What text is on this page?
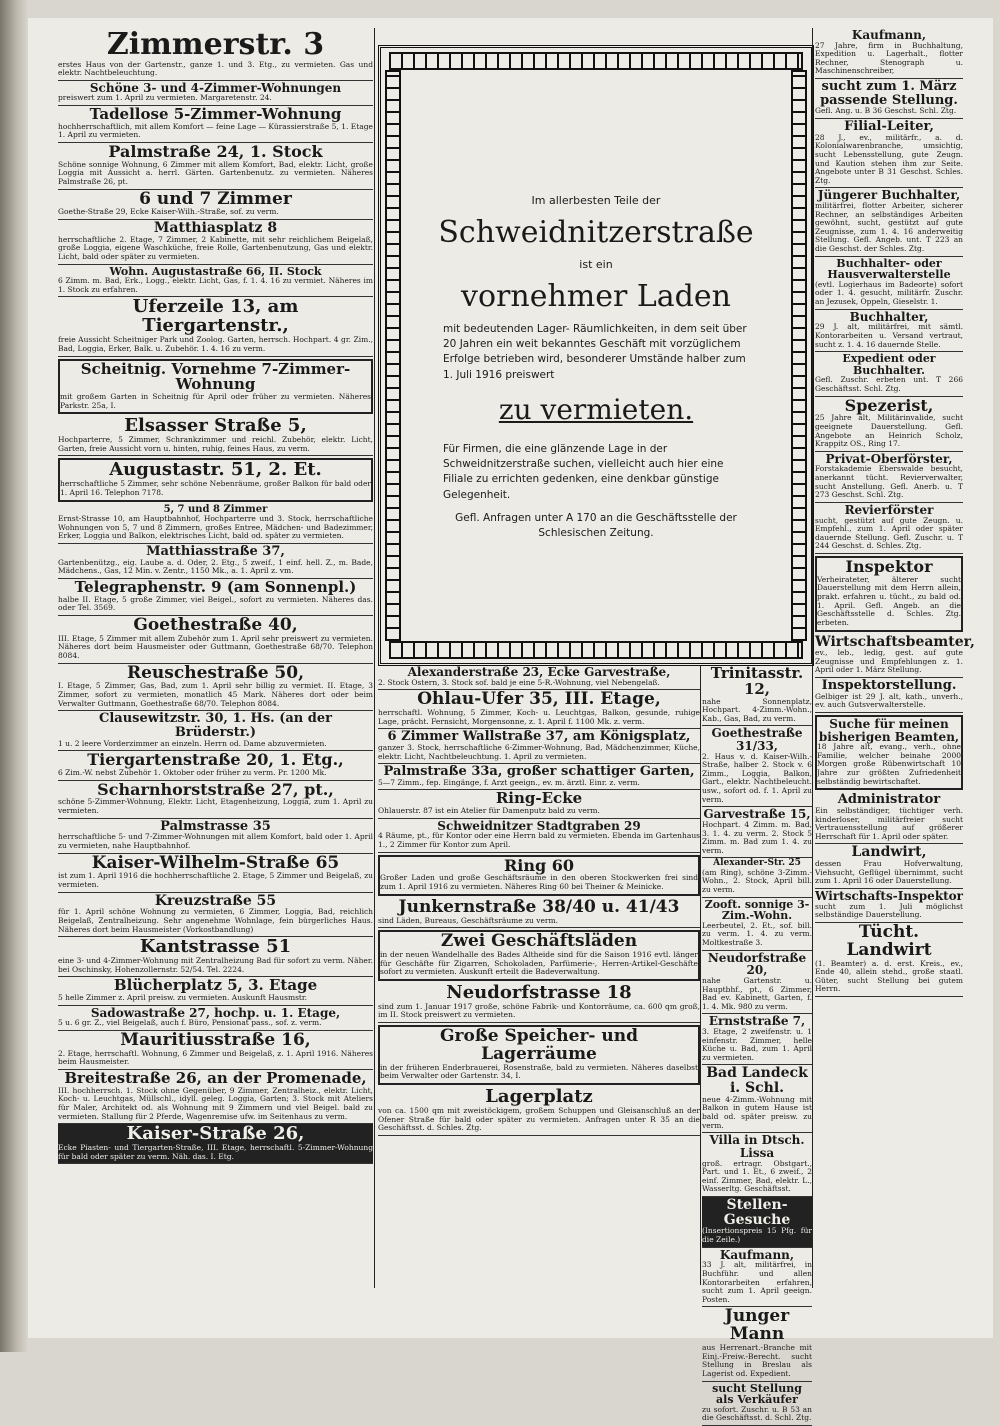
Zimmerstr. 3
erstes Haus von der Gartenstr., ganze 1. und 3. Etg., zu vermieten. Gas und elektr. Nachtbeleuchtung.
Schöne 3- und 4-Zimmer-Wohnungen
preiswert zum 1. April zu vermieten. Margaretenstr. 24.
Tadellose 5-Zimmer-Wohnung
hochherrschaftlich, mit allem Komfort — feine Lage — Kürassierstraße 5, 1. Etage 1. April zu vermieten.
Palmstraße 24, 1. Stock
Schöne sonnige Wohnung, 6 Zimmer mit allem Komfort, Bad, elektr. Licht, große Loggia mit Aussicht a. herrl. Gärten. Gartenbenutz. zu vermieten. Näheres Palmstraße 26, pt.
6 und 7 Zimmer
Goethe-Straße 29, Ecke Kaiser-Wilh.-Straße, sof. zu verm.
Matthiasplatz 8
herrschaftliche 2. Etage, 7 Zimmer, 2 Kabinette, mit sehr reichlichem Beigelaß, große Loggia, eigene Waschküche, freie Rolle, Gartenbenutzung, Gas und elektr. Licht, bald oder später zu vermieten.
Wohn. Augustastraße 66, II. Stock
6 Zimm. m. Bad, Erk., Logg., elektr. Licht, Gas, f. 1. 4. 16 zu vermiet. Näheres im 1. Stock zu erfahren.
Uferzeile 13, am Tiergartenstr.,
freie Aussicht Scheitniger Park und Zoolog. Garten, herrsch. Hochpart. 4 gr. Zim., Bad, Loggia, Erker, Balk. u. Zubehör. 1. 4. 16 zu verm.
Scheitnig. Vornehme 7-Zimmer-Wohnung
mit großem Garten in Scheitnig für April oder früher zu vermieten. Näheres Parkstr. 25a, I.
Elsasser Straße 5,
Hochparterre, 5 Zimmer, Schrankzimmer und reichl. Zubehör, elektr. Licht, Garten, freie Aussicht vorn u. hinten, ruhig, feines Haus, zu verm.
Augustastr. 51, 2. Et.
herrschaftliche 5 Zimmer, sehr schöne Nebenräume, großer Balkon für bald oder 1. April 16. Telephon 7178.
5, 7 und 8 Zimmer
Ernst-Strasse 10, am Hauptbahnhof, Hochparterre und 3. Stock, herrschaftliche Wohnungen von 5, 7 und 8 Zimmern, großes Entree, Mädchen- und Badezimmer, Erker, Loggia und Balkon, elektrisches Licht, bald od. später zu vermieten.
Matthiasstraße 37,
Gartenbenützg., eig. Laube a. d. Oder, 2. Etg., 5 zweif., 1 einf. hell. Z., m. Bade, Mädchens., Gas, 12 Min. v. Zentr., 1150 Mk., a. 1. April z. vm.
Telegraphenstr. 9 (am Sonnenpl.)
halbe II. Etage, 5 große Zimmer, viel Beigel., sofort zu vermieten. Näheres das. oder Tel. 3569.
Goethestraße 40,
III. Etage, 5 Zimmer mit allem Zubehör zum 1. April sehr preiswert zu vermieten. Näheres dort beim Hausmeister oder Guttmann, Goethestraße 68/70. Telephon 8084.
Reuschestraße 50,
I. Etage, 5 Zimmer, Gas, Bad, zum 1. April sehr billig zu vermiet. II. Etage, 3 Zimmer, sofort zu vermieten, monatlich 45 Mark. Näheres dort oder beim Verwalter Guttmann, Goethestraße 68/70. Telephon 8084.
Clausewitzstr. 30, 1. Hs. (an der Brüderstr.)
1 u. 2 leere Vorderzimmer an einzeln. Herrn od. Dame abzuvermieten.
Tiergartenstraße 20, 1. Etg.,
6 Zim.-W. nebst Zubehör 1. Oktober oder früher zu verm. Pr. 1200 Mk.
Scharnhorststraße 27, pt.,
schöne 5-Zimmer-Wohnung, Elektr. Licht, Etagenheizung, Loggia, zum 1. April zu vermieten.
Palmstrasse 35
herrschaftliche 5- und 7-Zimmer-Wohnungen mit allem Komfort, bald oder 1. April zu vermieten, nahe Hauptbahnhof.
Kaiser-Wilhelm-Straße 65
ist zum 1. April 1916 die hochherrschaftliche 2. Etage, 5 Zimmer und Beigelaß, zu vermieten.
Kreuzstraße 55
für 1. April schöne Wohnung zu vermieten, 6 Zimmer, Loggia, Bad, reichlich Beigelaß, Zentralheizung. Sehr angenehme Wohnlage, fein bürgerliches Haus. Näheres dort beim Hausmeister (Vorkostbandlung)
Kantstrasse 51
eine 3- und 4-Zimmer-Wohnung mit Zentralheizung Bad für sofort zu verm. Näher. bei Oschinsky, Hohenzollernstr. 52/54. Tel. 2224.
Blücherplatz 5, 3. Etage
5 helle Zimmer z. April preisw. zu vermieten. Auskunft Hausmstr.
Sadowastraße 27, hochp. u. 1. Etage,
5 u. 6 gr. Z., viel Beigelaß, auch f. Büro, Pensionat pass., sof. z. verm.
Mauritiusstraße 16,
2. Etage, herrschaftl. Wohnung, 6 Zimmer und Beigelaß, z. 1. April 1916. Näheres beim Hausmeister.
Breitestraße 26, an der Promenade,
III. hochherrsch. 1. Stock ohne Gegenüber, 9 Zimmer, Zentralheiz., elektr. Licht, Koch- u. Leuchtgas, Müllschl., idyll. geleg. Loggia, Garten; 3. Stock mit Ateliers für Maler, Architekt od. als Wohnung mit 9 Zimmern und viel Beigel. bald zu vermieten. Stallung für 2 Pferde, Wagenremise ufw. im Seitenhaus zu verm.
Kaiser-Straße 26,
Ecke Piasten- und Tiergarten-Straße, III. Etage, herrschaftl. 5-Zimmer-Wohnung für bald oder später zu verm. Näh. das. I. Etg.
Im allerbesten Teile der
Schweidnitzerstraße
ist ein
vornehmer Laden
mit bedeutenden Lager- Räumlichkeiten, in dem seit über 20 Jahren ein weit bekanntes Geschäft mit vorzüglichem Erfolge betrieben wird, besonderer Umstände halber zum 1. Juli 1916 preiswert
zu vermieten.
Für Firmen, die eine glänzende Lage in der Schweidnitzerstraße suchen, vielleicht auch hier eine Filiale zu errichten gedenken, eine denkbar günstige Gelegenheit.
Gefl. Anfragen unter A 170 an die Geschäftsstelle der Schlesischen Zeitung.
Alexanderstraße 23, Ecke Garvestraße,
2. Stock Ostern, 3. Stock sof. bald je eine 5-R.-Wohnung, viel Nebengelaß.
Ohlau-Ufer 35, III. Etage,
herrschaftl. Wohnung, 5 Zimmer, Koch- u. Leuchtgas, Balkon, gesunde, ruhige Lage, prächt. Fernsicht, Morgensonne, z. 1. April f. 1100 Mk. z. verm.
6 Zimmer Wallstraße 37, am Königsplatz,
ganzer 3. Stock, herrschaftliche 6-Zimmer-Wohnung, Bad, Mädchenzimmer, Küche, elektr. Licht, Nachtbeleuchtung. 1. April zu vermieten.
Palmstraße 33a, großer schattiger Garten,
5—7 Zimm., fep. Eingänge, f. Arzt geeign., ev. m. ärztl. Einr. z. verm.
Ring-Ecke
Ohlauerstr. 87 ist ein Atelier für Damenputz bald zu verm.
Schweidnitzer Stadtgraben 29
4 Räume, pt., für Kontor oder eine Herrn bald zu vermieten. Ebenda im Gartenhaus 1., 2 Zimmer für Kontor zum April.
Ring 60
Großer Laden und große Geschäftsräume in den oberen Stockwerken frei sind zum 1. April 1916 zu vermieten. Näheres Ring 60 bei Theiner & Meinicke.
Junkernstraße 38/40 u. 41/43
sind Läden, Bureaus, Geschäftsräume zu verm.
Zwei Geschäftsläden
in der neuen Wandelhalle des Bades Altheide sind für die Saison 1916 evtl. länger für Geschäfte für Zigarren, Schokoladen, Parfümerie-, Herren-Artikel-Geschäfte sofort zu vermieten. Auskunft erteilt die Badeverwaltung.
Neudorfstrasse 18
sind zum 1. Januar 1917 große, schöne Fabrik- und Kontorräume, ca. 600 qm groß, im II. Stock preiswert zu vermieten.
Große Speicher- und Lagerräume
in der früheren Enderbrauerei, Rosenstraße, bald zu vermieten. Näheres daselbst beim Verwalter oder Gartenstr. 34, I.
Lagerplatz
von ca. 1500 qm mit zweistöckigem, großem Schuppen und Gleisanschluß an der Ofener Straße für bald oder später zu vermieten. Anfragen unter R 35 an die Geschäftsst. d. Schles. Ztg.
Trinitasstr. 12,
nahe Sonnenplatz, Hochpart. 4-Zimm.-Wohn., Kab., Gas, Bad, zu verm.
Goethestraße 31/33,
2. Haus v. d. Kaiser-Wilh.-Straße, halber 2. Stock v. 6 Zimm., Loggia, Balkon, Gart., elektr. Nachtbeleucht. usw., sofort od. f. 1. April zu verm.
Garvestraße 15,
Hochpart. 4 Zimm. m. Bad, 3. 1. 4. zu verm. 2. Stock 5 Zimm. m. Bad zum 1. 4. zu verm.
Alexander-Str. 25
(am Ring), schöne 3-Zimm.-Wohn., 2. Stock, April bill. zu verm.
Zooft. sonnige 3-Zim.-Wohn.
Leerbeutel, 2. Et., sof. bill. zu verm. 1. 4. zu verm. Moltkestraße 3.
Neudorfstraße 20,
nahe Gartenstr. u. Hauptbhf., pt., 6 Zimmer, Bad ev. Kabinett, Garten, f. 1. 4. Mk. 980 zu verm.
Ernststraße 7,
3. Etage, 2 zweifenstr. u. 1 einfenstr. Zimmer, helle Küche u. Bad, zum 1. April zu vermieten.
Bad Landeck i. Schl.
neue 4-Zimm.-Wohnung mit Balkon in gutem Hause ist bald od. später preisw. zu verm.
Villa in Dtsch. Lissa
groß. ertragr. Obstgart., Part. und 1. Et., 6 zweif., 2 einf. Zimmer, Bad, elektr. L., Wasserltg. Geschäftsst.
Stellen-Gesuche
(Insertionspreis 15 Pfg. für die Zeile.)
Kaufmann,
33 J. alt, militärfrei, in Buchführ. und allen Kontorarbeiten erfahren, sucht zum 1. April geeign. Posten.
Junger Mann
aus Herrenart.-Branche mit Einj.-Freiw.-Berecht. sucht Stellung in Breslau als Lagerist od. Expedient.
sucht Stellung als Verkäufer
zu sofort. Zuschr. u. B 53 an die Geschäftsst. d. Schl. Ztg.
Kaufmann,
27 Jahre, firm in Buchhaltung, Expedition u. Lagerhalt., flotter Rechner, Stenograph u. Maschinenschreiber,
sucht zum 1. März passende Stellung.
Gefl. Ang. u. B 36 Geschst. Schl. Ztg.
Filial-Leiter,
28 J., ev., militärfr., a. d. Kolonialwarenbranche, umsichtig, sucht Lebensstellung, gute Zeugn. und Kaution stehen ihm zur Seite. Angebote unter B 31 Geschst. Schles. Ztg.
Jüngerer Buchhalter,
militärfrei, flotter Arbeiter, sicherer Rechner, an selbständiges Arbeiten gewöhnt, sucht, gestützt auf gute Zeugnisse, zum 1. 4. 16 anderweitig Stellung. Gefl. Angeb. unt. T 223 an die Geschst. der Schles. Ztg.
Buchhalter- oder Hausverwalterstelle
(evtl. Logierhaus im Badeorte) sofort oder 1. 4. gesucht, militärfr. Zuschr. an Jezusek, Oppeln, Gieselstr. 1.
Buchhalter,
29 J. alt, militärfrei, mit sämtl. Kontorarbeiten u. Versand vertraut, sucht z. 1. 4. 16 dauernde Stelle.
Expedient oder Buchhalter.
Gefl. Zuschr. erbeten unt. T 266 Geschäftsst. Schl. Ztg.
Spezerist,
25 Jahre alt, Militärinvalide, sucht geeignete Dauerstellung. Gefl. Angebote an Heinrich Scholz, Krappitz OS., Ring 17.
Privat-Oberförster,
Forstakademie Eberswalde besucht, anerkannt tücht. Revierverwalter, sucht Anstellung. Gefl. Anerb. u. T 273 Geschst. Schl. Ztg.
Revierförster
sucht, gestützt auf gute Zeugn. u. Empfehl., zum 1. April oder später dauernde Stellung. Gefl. Zuschr. u. T 244 Geschst. d. Schles. Ztg.
Inspektor
Verheirateter, älterer sucht Dauerstellung mit dem Herrn allein, prakt. erfahren u. tücht., zu bald od. 1. April. Gefl. Angeb. an die Geschäftsstelle d. Schles. Ztg. erbeten.
Wirtschaftsbeamter,
ev., leb., ledig, gest. auf gute Zeugnisse und Empfehlungen z. 1. April oder 1. März Stellung.
Inspektorstellung.
Gelbiger ist 29 J. alt, kath., unverh., ev. auch Gutsverwalterstelle.
Suche für meinen bisherigen Beamten,
18 Jahre alt, evang., verh., ohne Familie, welcher beinahe 2000 Morgen große Rübenwirtschaft 10 Jahre zur größten Zufriedenheit selbständig bewirtschaftet.
Administrator
Ein selbständiger, tüchtiger verh. kinderloser, militärfreier sucht Vertrauensstellung auf größerer Herrschaft für 1. April oder später.
Landwirt,
dessen Frau Hofverwaltung, Viehsucht, Geflügel übernimmt, sucht zum 1. April 16 oder Dauerstellung.
Wirtschafts-Inspektor
sucht zum 1. Juli möglichst selbständige Dauerstellung.
Tücht. Landwirt
(1. Beamter) a. d. erst. Kreis., ev., Ende 40, allein stehd., große staatl. Güter, sucht Stellung bei gutem Herrn.
